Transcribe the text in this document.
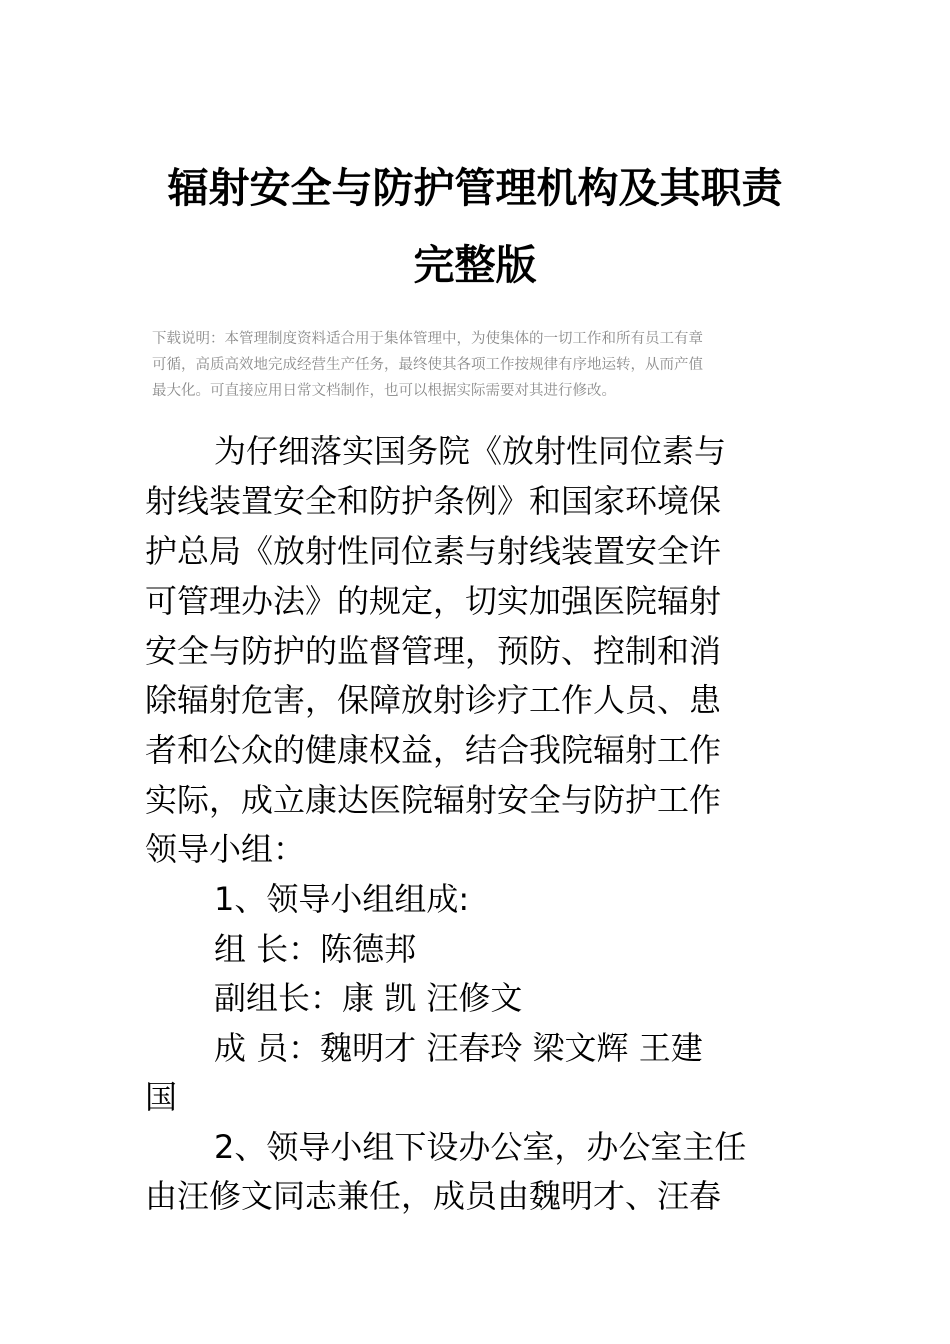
辐射安全与防护管理机构及其职责
完整版
下载说明：本管理制度资料适合用于集体管理中，为使集体的一切工作和所有员工有章
可循，高质高效地完成经营生产任务，最终使其各项工作按规律有序地运转，从而产值
最大化。可直接应用日常文档制作，也可以根据实际需要对其进行修改。
为仔细落实国务院《放射性同位素与
射线装置安全和防护条例》和国家环境保
护总局《放射性同位素与射线装置安全许
可管理办法》的规定，切实加强医院辐射
安全与防护的监督管理，预防、控制和消
除辐射危害，保障放射诊疗工作人员、患
者和公众的健康权益，结合我院辐射工作
实际，成立康达医院辐射安全与防护工作
领导小组：
1、领导小组组成:
组 长：陈德邦
副组长：康 凯 汪修文
成 员：魏明才 汪春玲 梁文辉 王建
国
2、领导小组下设办公室，办公室主任
由汪修文同志兼任，成员由魏明才、汪春
